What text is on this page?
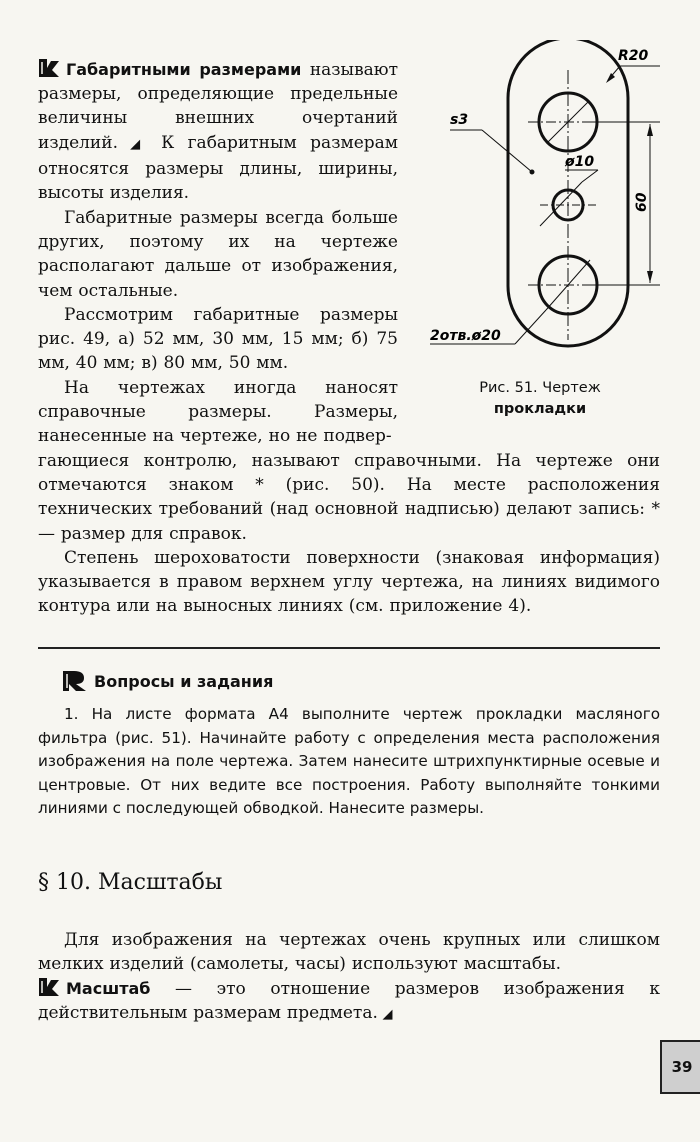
Габаритными размерами называют размеры, определяющие предельные величины внешних очертаний изделий. ◢ К габаритным размерам относятся размеры длины, ширины, высоты изделия.

Габаритные размеры всегда больше других, поэтому их на чертеже располагают дальше от изображения, чем остальные.

Рассмотрим габаритные размеры рис. 49, а) 52 мм, 30 мм, 15 мм; б) 75 мм, 40 мм; в) 80 мм, 50 мм.

На чертежах иногда наносят справочные размеры. Размеры, нанесенные на чертеже, но не подвер-

гающиеся контролю, называют справочными. На чертеже они отмечаются знаком * (рис. 50). На месте расположения технических требований (над основной надписью) делают запись: * — размер для справок.

Степень шероховатости поверхности (знаковая информация) указывается в правом верхнем углу чертежа, на линиях видимого контура или на выносных линиях (см. приложение 4).

R20
s3
ø10
60
2отв.ø20
Рис. 51. Чертеж
прокладки
Вопросы и задания

1. На листе формата А4 выполните чертеж прокладки масляного фильтра (рис. 51). Начинайте работу с определения места расположения изображения на поле чертежа. Затем нанесите штрихпунктирные осевые и центровые. От них ведите все построения. Работу выполняйте тонкими линиями с последующей обводкой. Нанесите размеры.

§ 10. Масштабы

Для изображения на чертежах очень крупных или слишком мелких изделий (самолеты, часы) используют масштабы.

Масштаб — это отношение размеров изображения к действительным размерам предмета. ◢

39
